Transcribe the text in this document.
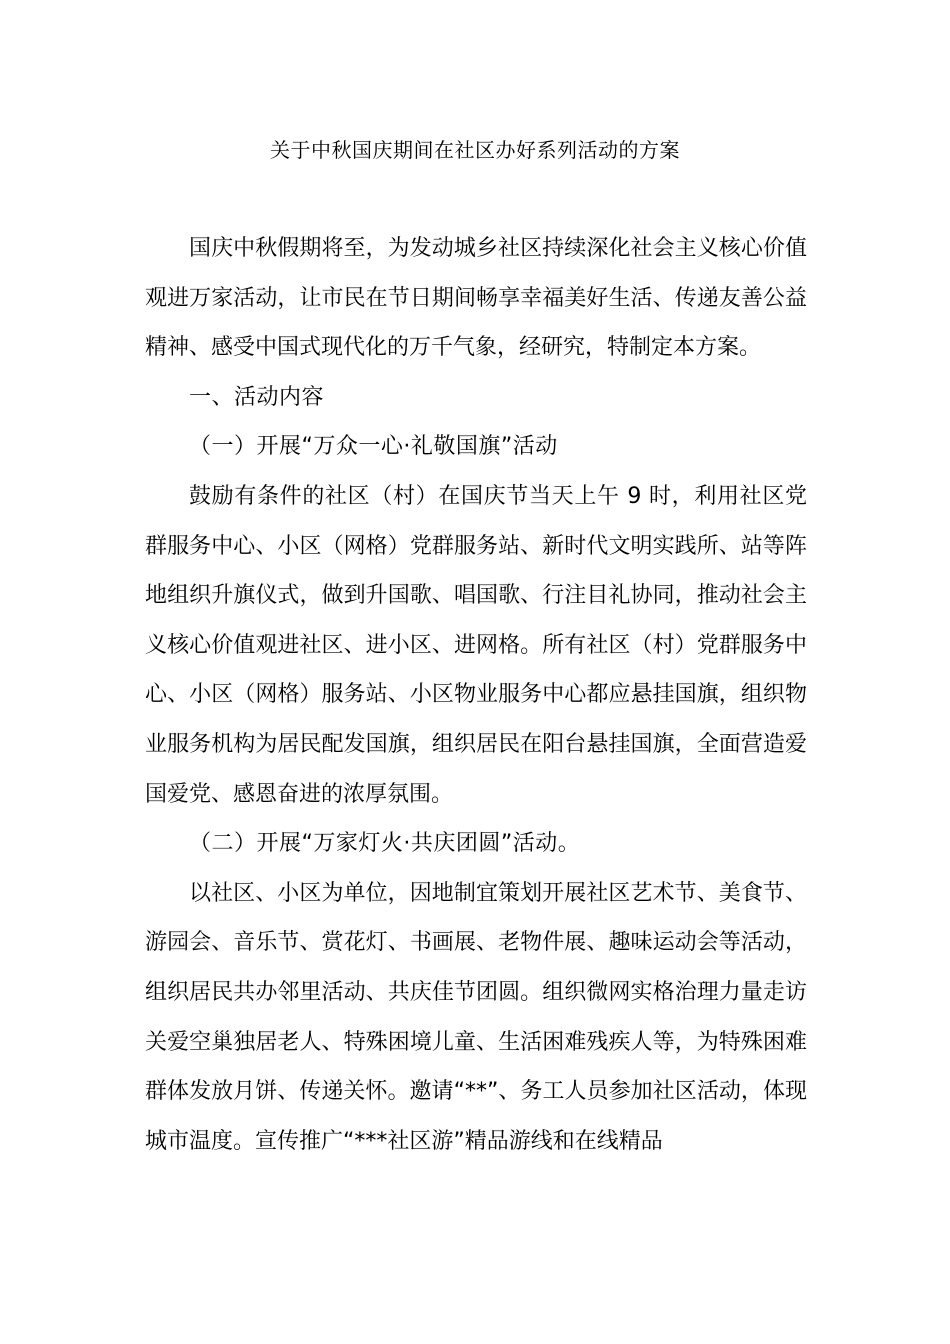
关于中秋国庆期间在社区办好系列活动的方案

国庆中秋假期将至，为发动城乡社区持续深化社会主义核心价值观进万家活动，让市民在节日期间畅享幸福美好生活、传递友善公益精神、感受中国式现代化的万千气象，经研究，特制定本方案。

一、活动内容

（一）开展“万众一心·礼敬国旗”活动

鼓励有条件的社区（村）在国庆节当天上午 9 时，利用社区党群服务中心、小区（网格）党群服务站、新时代文明实践所、站等阵地组织升旗仪式，做到升国歌、唱国歌、行注目礼协同，推动社会主义核心价值观进社区、进小区、进网格。所有社区（村）党群服务中心、小区（网格）服务站、小区物业服务中心都应悬挂国旗，组织物业服务机构为居民配发国旗，组织居民在阳台悬挂国旗，全面营造爱国爱党、感恩奋进的浓厚氛围。

（二）开展“万家灯火·共庆团圆”活动。

以社区、小区为单位，因地制宜策划开展社区艺术节、美食节、游园会、音乐节、赏花灯、书画展、老物件展、趣味运动会等活动，组织居民共办邻里活动、共庆佳节团圆。组织微网实格治理力量走访关爱空巢独居老人、特殊困境儿童、生活困难残疾人等，为特殊困难群体发放月饼、传递关怀。邀请“**”、务工人员参加社区活动，体现城市温度。宣传推广“***社区游”精品游线和在线精品
